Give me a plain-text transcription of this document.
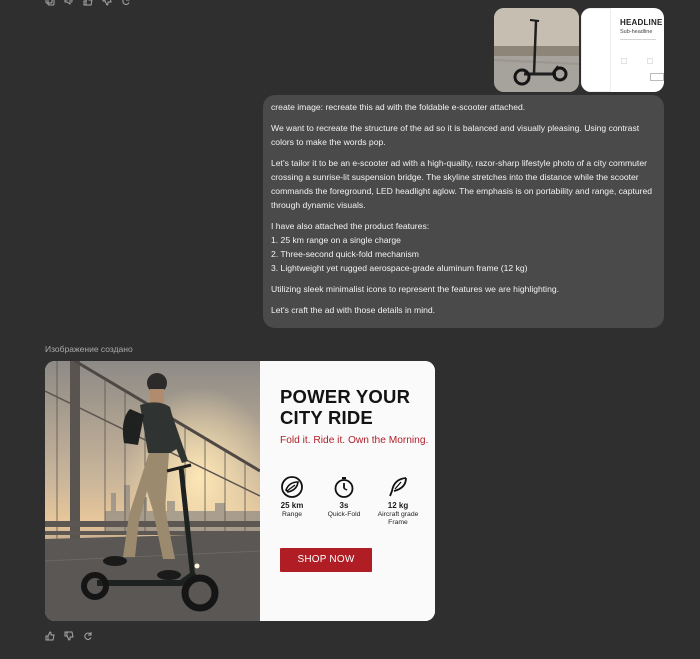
HEADLINE
Sub-headline

create image: recreate this ad with the foldable e-scooter attached.

We want to recreate the structure of the ad so it is balanced and visually pleasing. Using contrast colors to make the words pop.

Let's tailor it to be an e-scooter ad with a high-quality, razor-sharp lifestyle photo of a city commuter crossing a sunrise-lit suspension bridge. The skyline stretches into the distance while the scooter commands the foreground, LED headlight aglow. The emphasis is on portability and range, captured through dynamic visuals.

I have also attached the product features:

1. 25 km range on a single charge

2. Three-second quick-fold mechanism

3. Lightweight yet rugged aerospace-grade aluminum frame (12 kg)

Utilizing sleek minimalist icons to represent the features we are highlighting.

Let's craft the ad with those details in mind.

Изображение создано
POWER YOUR CITY RIDE
Fold it. Ride it. Own the Morning.
25 km
Range
3s
Quick-Fold
12 kg
Aircraft grade Frame
SHOP NOW
